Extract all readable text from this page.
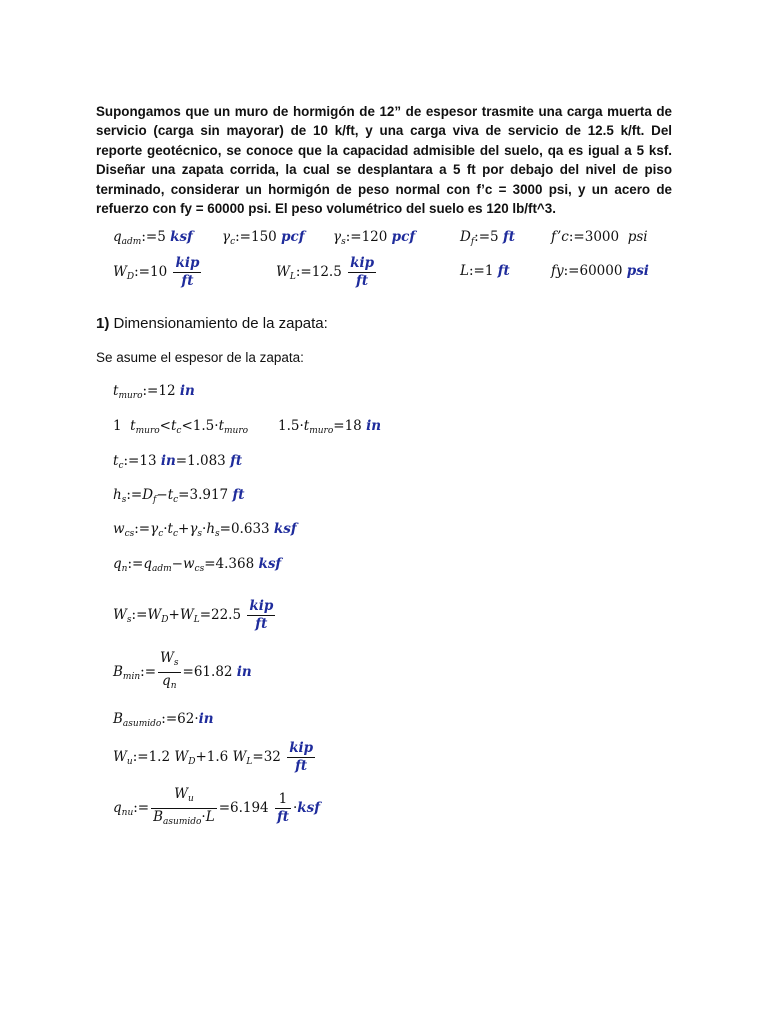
Supongamos que un muro de hormigón de 12” de espesor trasmite una carga muerta de servicio (carga sin mayorar) de 10 k/ft, y una carga viva de servicio de 12.5 k/ft. Del reporte geotécnico, se conoce que la capacidad admisible del suelo, qa es igual a 5 ksf. Diseñar una zapata corrida, la cual se desplantara a 5 ft por debajo del nivel de piso terminado, considerar un hormigón de peso normal con f’c = 3000 psi, y un acero de refuerzo con fy = 60000 psi. El peso volumétrico del suelo es 120 lb/ft^3.
$q_{adm}:=5$ ksf $\gamma_c:=150$ pcf $\gamma_s:=120$ pcf	$D_f:=5$ ft	f’c:=3000 psi
$W_D:=10 \frac{\text{kip}}{ft}$	$W_L:=12.5 \frac{\text{kip}}{ft}$	L:=1 ft	fy:=60000 psi
1) Dimensionamiento de la zapata:
Se asume el espesor de la zapata:
$t_{muro}:=12$ in
1  $t_{muro}<t_c<1.5\cdot t_{muro}$ $1.5\cdot t_{muro}=18$ in
$t_c:=13$ in=1.083 ft
$h_s:=D_f-t_c=3.917$ ft
$w_{cs}:=\gamma_c\cdot t_c+\gamma_s\cdot h_s=0.633$ ksf
$q_n:=q_{adm}-w_{cs}=4.368$ ksf
$W_s:=W_D+W_L=22.5 \frac{\text{kip}}{ft}$
$B_{min}:= \frac{W_s}{q_n} =61.82$ in
$B_{asumido}:=62\cdot in$
$W_u:=1.2$ $W_D+1.6$ $W_L=32 \frac{\text{kip}}{ft}$
$q_{nu}:= \frac{W_u}{B_{asumido}\cdot L} =6.194 \frac{1}{ft} \cdot ksf$
